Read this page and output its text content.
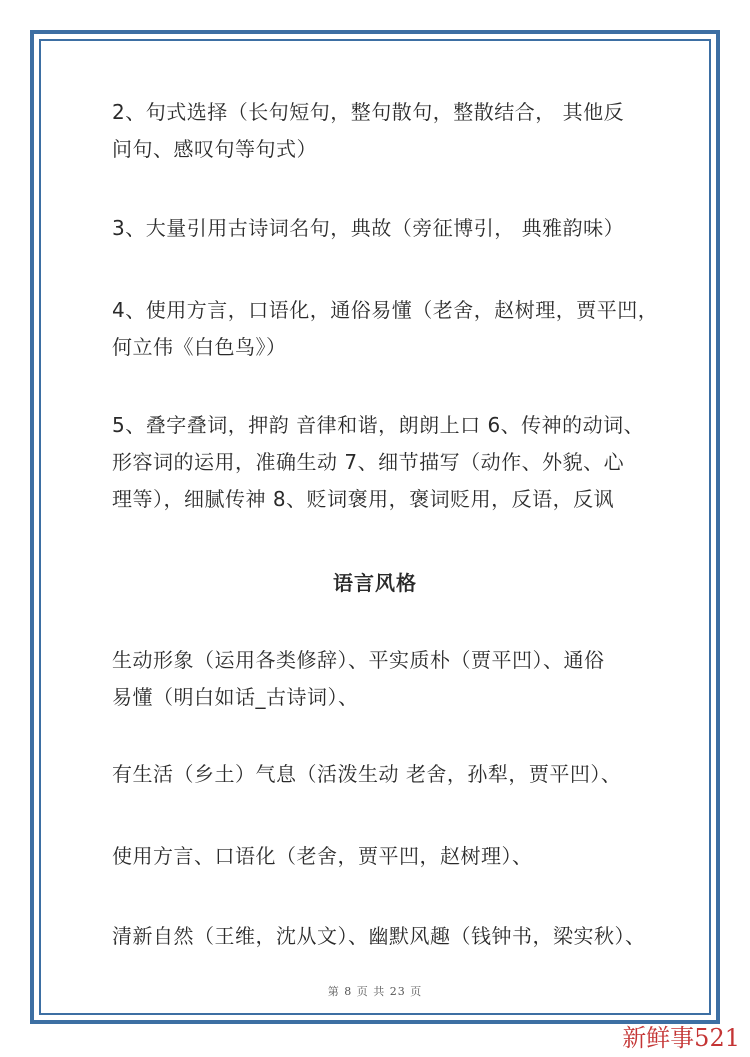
2、句式选择（长句短句，整句散句，整散结合， 其他反
问句、感叹句等句式）
3、大量引用古诗词名句，典故（旁征博引， 典雅韵味）
4、使用方言，口语化，通俗易懂（老舍，赵树理，贾平凹，
何立伟《白色鸟》）
5、叠字叠词，押韵 音律和谐，朗朗上口 6、传神的动词、
形容词的运用，准确生动 7、细节描写（动作、外貌、心
理等），细腻传神 8、贬词褒用，褒词贬用，反语，反讽
语言风格
生动形象（运用各类修辞）、平实质朴（贾平凹）、通俗
易懂（明白如话_古诗词）、
有生活（乡土）气息（活泼生动 老舍，孙犁，贾平凹）、
使用方言、口语化（老舍，贾平凹，赵树理）、
清新自然（王维，沈从文）、幽默风趣（钱钟书，梁实秋）、
第 8 页 共 23 页
新鲜事521
